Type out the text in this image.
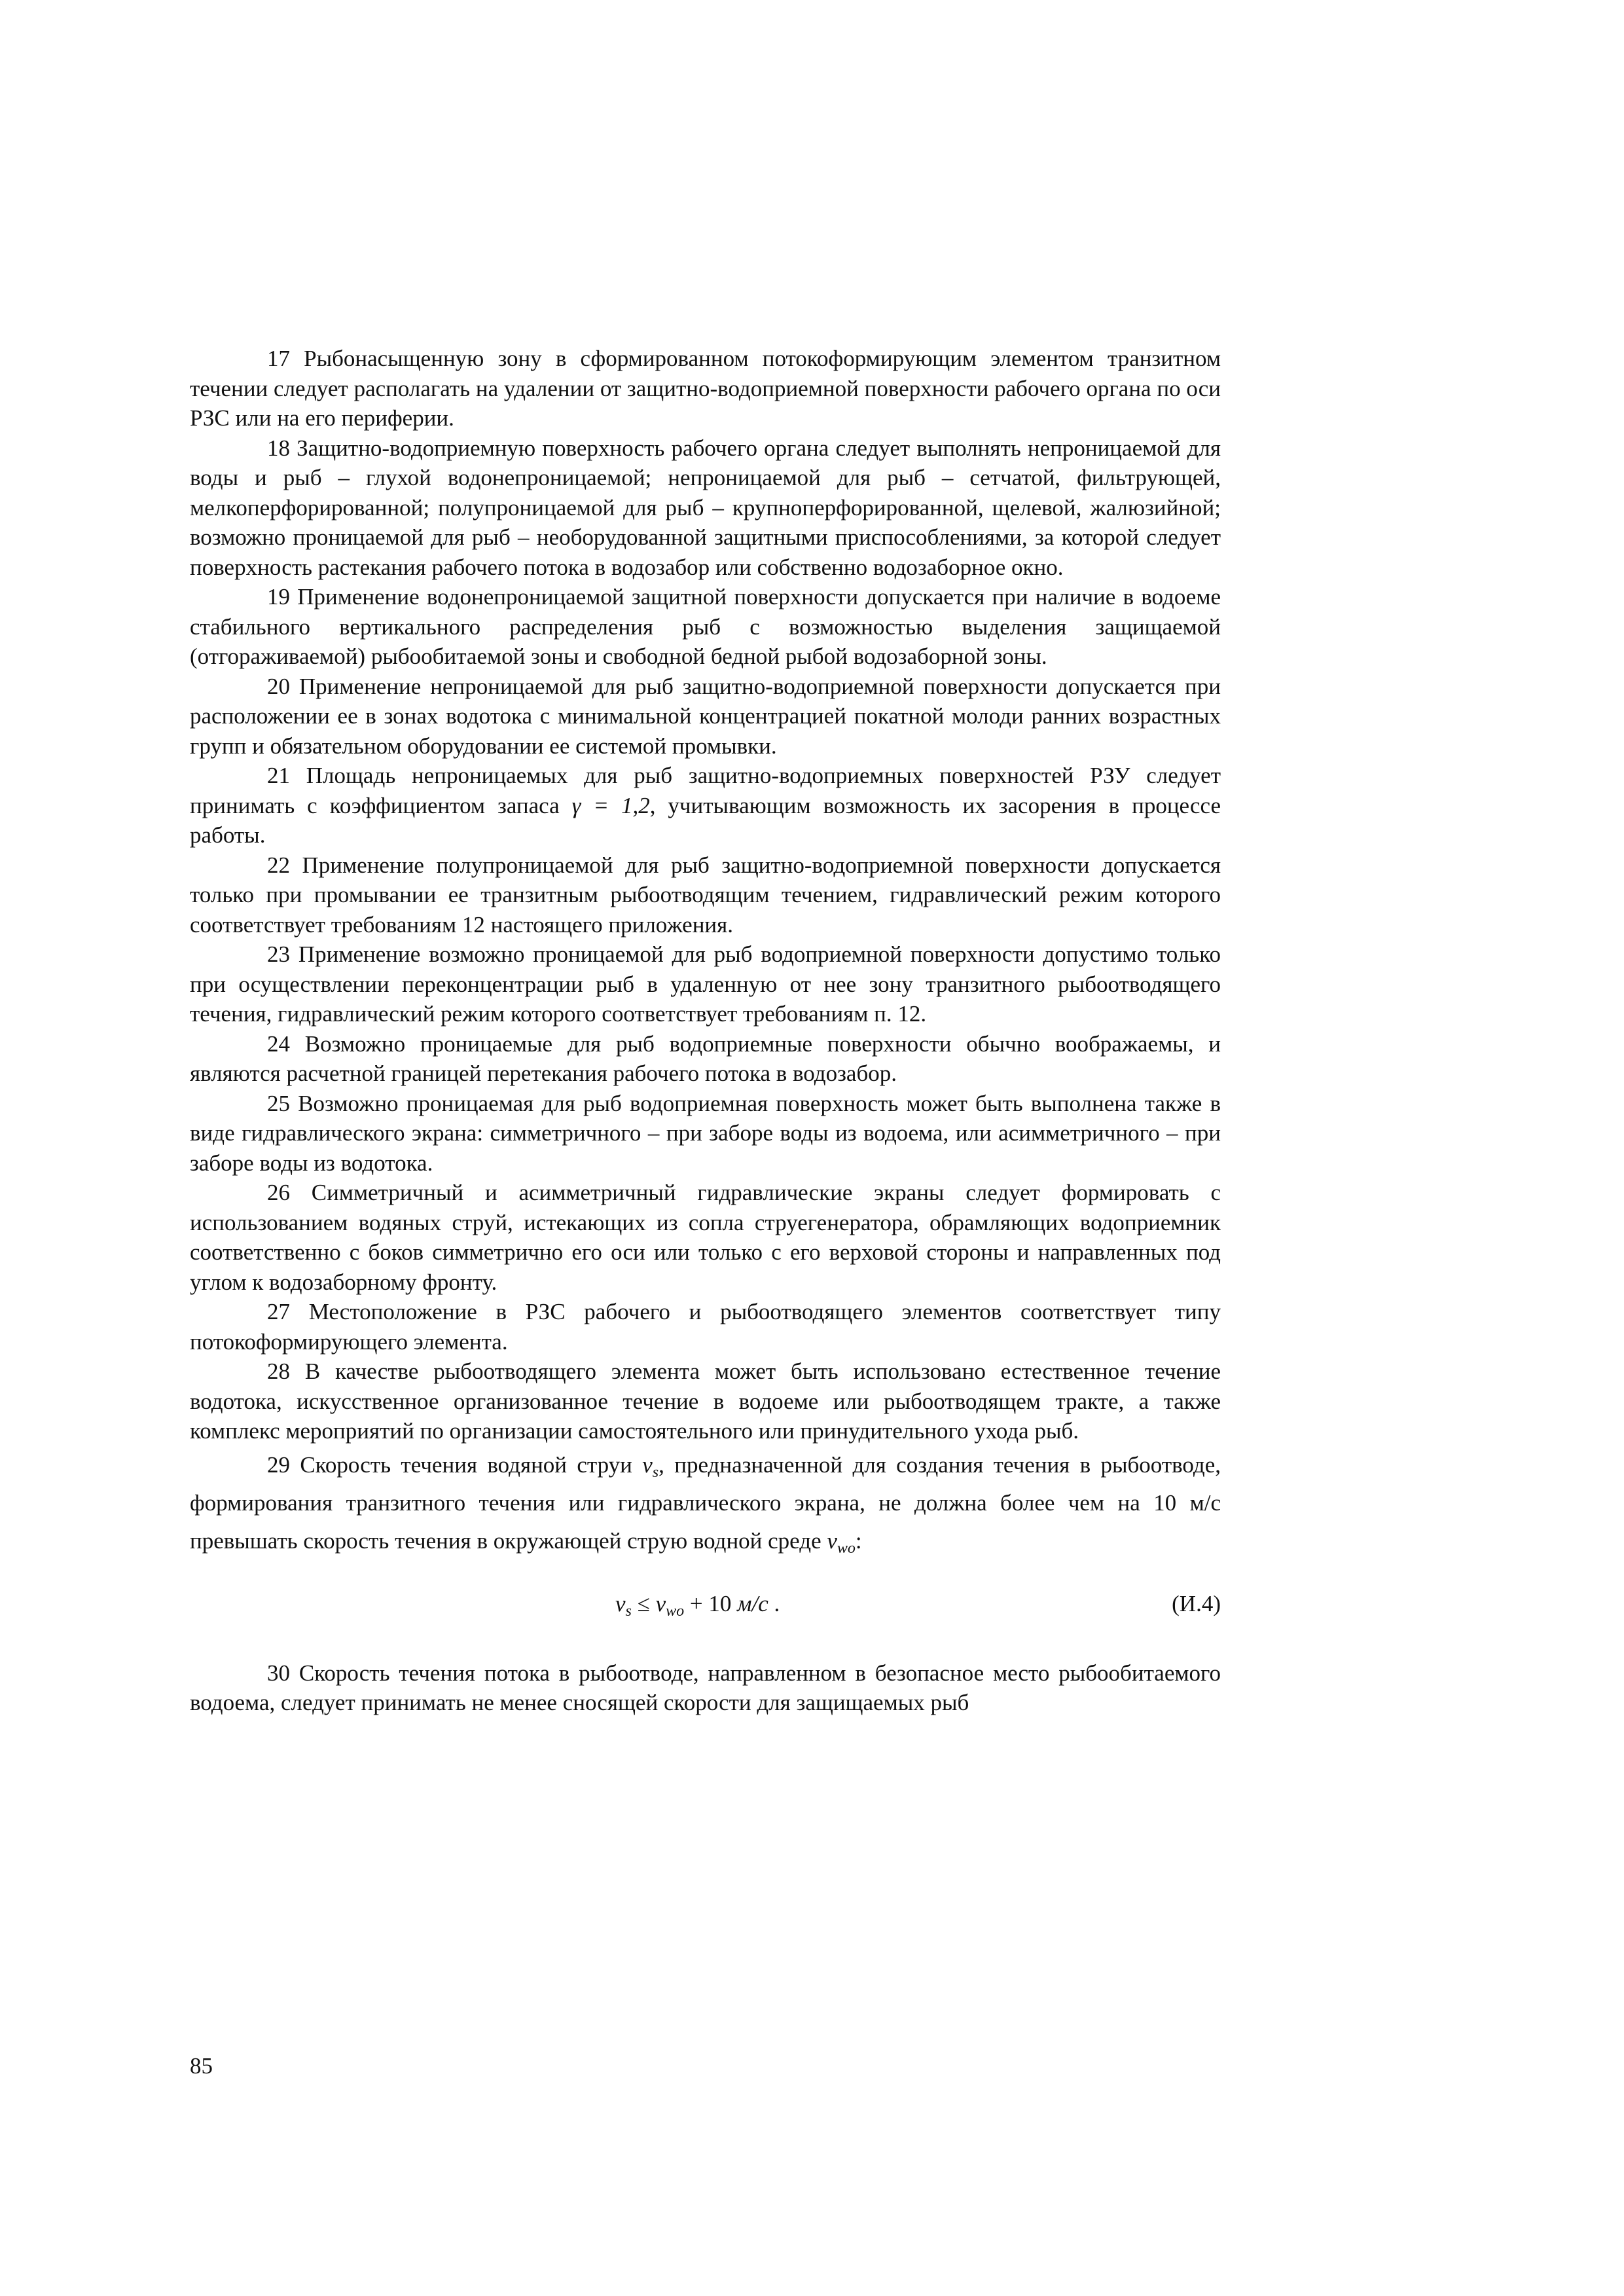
17 Рыбонасыщенную зону в сформированном потокоформирующим элементом транзитном течении следует располагать на удалении от защитно-водоприемной поверхности рабочего органа по оси РЗС или на его периферии.

18 Защитно-водоприемную поверхность рабочего органа следует выполнять непроницаемой для воды и рыб – глухой водонепроницаемой; непроницаемой для рыб – сетчатой, фильтрующей, мелкоперфорированной; полупроницаемой для рыб – крупноперфорированной, щелевой, жалюзийной; возможно проницаемой для рыб – необорудованной защитными приспособлениями, за которой следует поверхность растекания рабочего потока в водозабор или собственно водозаборное окно.

19 Применение водонепроницаемой защитной поверхности допускается при наличие в водоеме стабильного вертикального распределения рыб с возможностью выделения защищаемой (отгораживаемой) рыбообитаемой зоны и свободной бедной рыбой водозаборной зоны.

20 Применение непроницаемой для рыб защитно-водоприемной поверхности допускается при расположении ее в зонах водотока с минимальной концентрацией покатной молоди ранних возрастных групп и обязательном оборудовании ее системой промывки.

21 Площадь непроницаемых для рыб защитно-водоприемных поверхностей РЗУ следует принимать с коэффициентом запаса γ = 1,2, учитывающим возможность их засорения в процессе работы.

22 Применение полупроницаемой для рыб защитно-водоприемной поверхности допускается только при промывании ее транзитным рыбоотводящим течением, гидравлический режим которого соответствует требованиям 12 настоящего приложения.

23 Применение возможно проницаемой для рыб водоприемной поверхности допустимо только при осуществлении переконцентрации рыб в удаленную от нее зону транзитного рыбоотводящего течения, гидравлический режим которого соответствует требованиям п. 12.

24 Возможно проницаемые для рыб водоприемные поверхности обычно воображаемы, и являются расчетной границей перетекания рабочего потока в водозабор.

25 Возможно проницаемая для рыб водоприемная поверхность может быть выполнена также в виде гидравлического экрана: симметричного – при заборе воды из водоема, или асимметричного – при заборе воды из водотока.

26 Симметричный и асимметричный гидравлические экраны следует формировать с использованием водяных струй, истекающих из сопла струегенератора, обрамляющих водоприемник соответственно с боков симметрично его оси или только с его верховой стороны и направленных под углом к водозаборному фронту.

27 Местоположение в РЗС рабочего и рыбоотводящего элементов соответствует типу потокоформирующего элемента.

28 В качестве рыбоотводящего элемента может быть использовано естественное течение водотока, искусственное организованное течение в водоеме или рыбоотводящем тракте, а также комплекс мероприятий по организации самостоятельного или принудительного ухода рыб.

29 Скорость течения водяной струи $v_s$, предназначенной для создания течения в рыбоотводе, формирования транзитного течения или гидравлического экрана, не должна более чем на 10 м/с превышать скорость течения в окружающей струю водной среде $v_{wo}$:

$v_s \le v_{wo} + 10$ м/с .	(И.4)

30 Скорость течения потока в рыбоотводе, направленном в безопасное место рыбообитаемого водоема, следует принимать не менее сносящей скорости для защищаемых рыб

85
